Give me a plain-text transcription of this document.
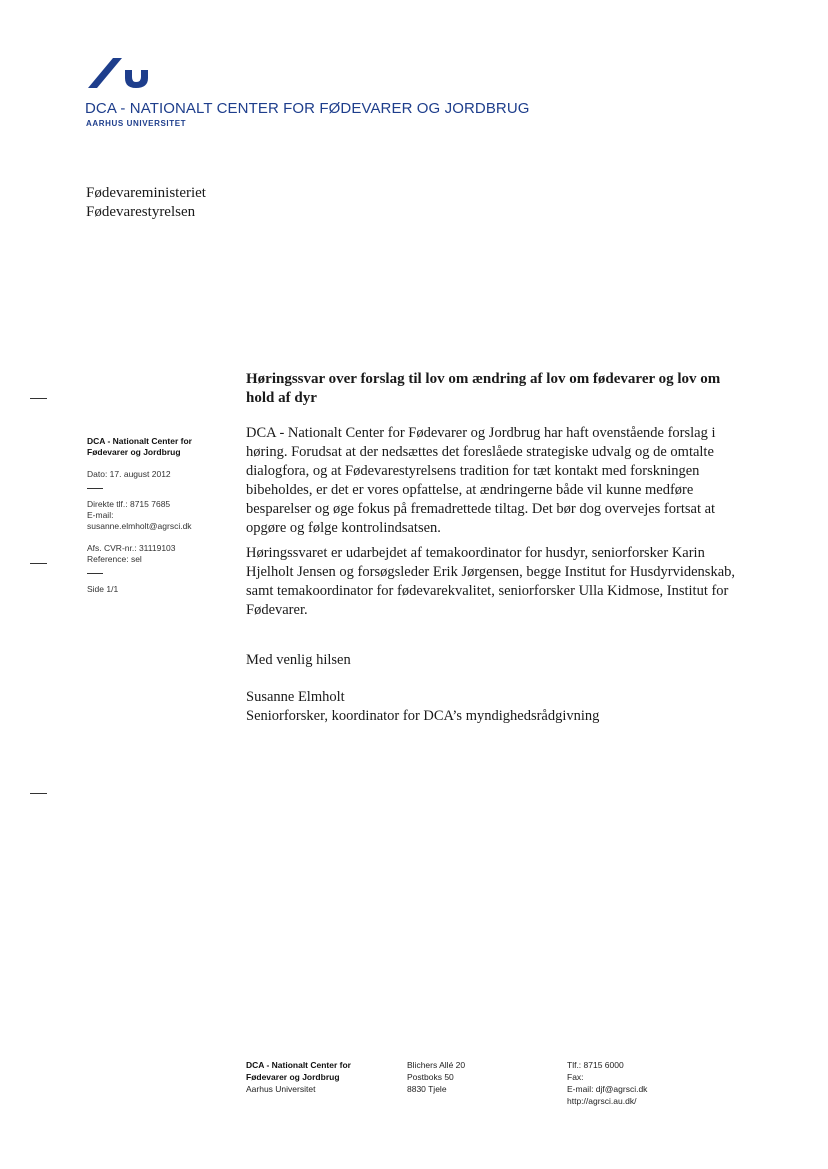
DCA - NATIONALT CENTER FOR FØDEVARER OG JORDBRUG
AARHUS UNIVERSITET
Fødevareministeriet
Fødevarestyrelsen
DCA - Nationalt Center for
Fødevarer og Jordbrug
Dato: 17. august 2012
Direkte tlf.: 8715 7685
E-mail:
susanne.elmholt@agrsci.dk
Afs. CVR-nr.: 31119103
Reference: sel
Side 1/1
Høringssvar over forslag til lov om ændring af lov om fødevarer og lov om hold af dyr
DCA - Nationalt Center for Fødevarer og Jordbrug har haft ovenstående forslag i høring. Forudsat at der nedsættes det foreslåede strategiske udvalg og de omtalte dialogfora, og at Fødevarestyrelsens tradition for tæt kontakt med forskningen bibeholdes, er det er vores opfattelse, at ændringerne både vil kunne medføre besparelser og øge fokus på fremadrettede tiltag. Det bør dog overvejes fortsat at opgøre og følge kontrolindsatsen.
Høringssvaret er udarbejdet af temakoordinator for husdyr, seniorforsker Karin Hjelholt Jensen og forsøgsleder Erik Jørgensen, begge Institut for Husdyrvidenskab, samt temakoordinator for fødevarekvalitet, seniorforsker Ulla Kidmose, Institut for Fødevarer.
Med venlig hilsen
Susanne Elmholt
Seniorforsker, koordinator for DCA’s myndighedsrådgivning
DCA - Nationalt Center for
Fødevarer og Jordbrug
Aarhus Universitet
Blichers Allé 20
Postboks 50
8830 Tjele
Tlf.: 8715 6000
Fax:
E-mail: djf@agrsci.dk
http://agrsci.au.dk/
